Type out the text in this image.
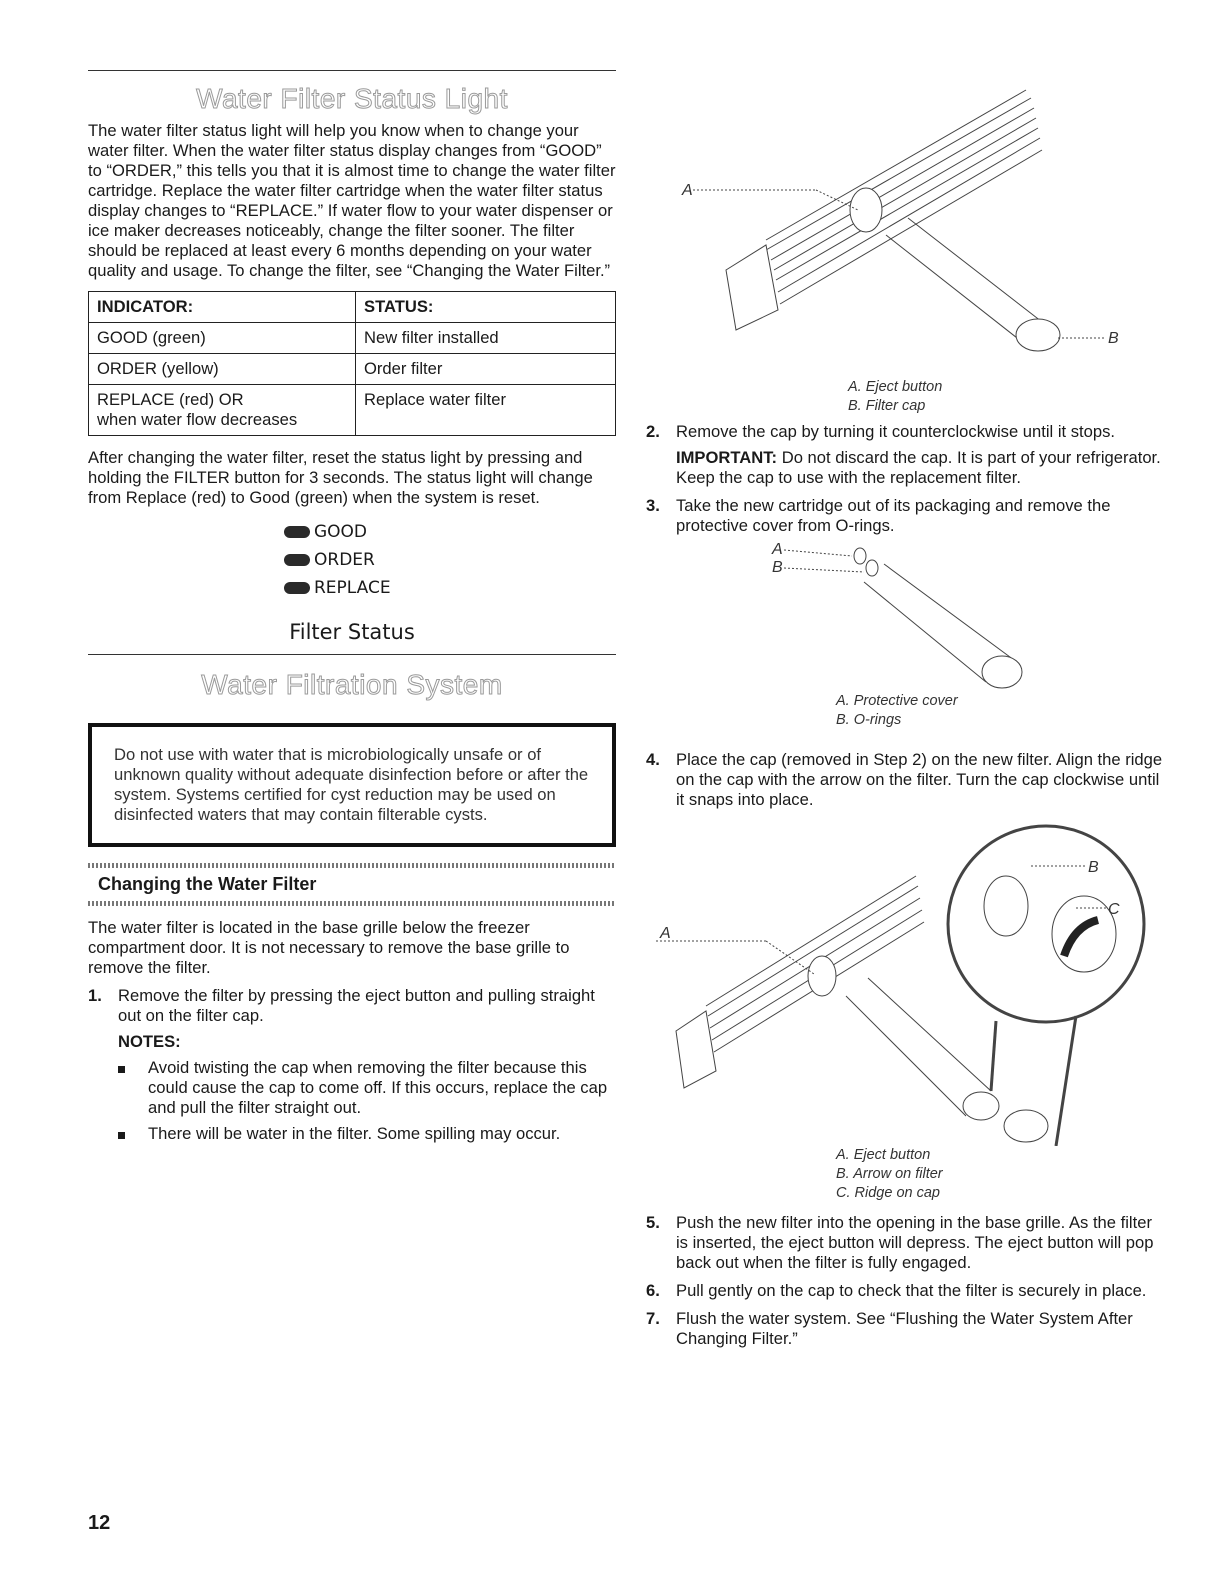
Water Filter Status Light

The water filter status light will help you know when to change your water filter. When the water filter status display changes from “GOOD” to “ORDER,” this tells you that it is almost time to change the water filter cartridge. Replace the water filter cartridge when the water filter status display changes to “REPLACE.” If water flow to your water dispenser or ice maker decreases noticeably, change the filter sooner. The filter should be replaced at least every 6 months depending on your water quality and usage. To change the filter, see “Changing the Water Filter.”

INDICATOR:	STATUS:
GOOD (green)	New filter installed
ORDER (yellow)	Order filter

REPLACE (red) OR
when water flow decreases	Replace water filter

After changing the water filter, reset the status light by pressing and holding the FILTER button for 3 seconds. The status light will change from Replace (red) to Good (green) when the system is reset.

GOOD
ORDER
REPLACE
Filter Status
Water Filtration System

Do not use with water that is microbiologically unsafe or of unknown quality without adequate disinfection before or after the system. Systems certified for cyst reduction may be used on disinfected waters that may contain filterable cysts.

Changing the Water Filter

The water filter is located in the base grille below the freezer compartment door. It is not necessary to remove the base grille to remove the filter.

1. Remove the filter by pressing the eject button and pulling straight out on the filter cap.
NOTES:
Avoid twisting the cap when removing the filter because this could cause the cap to come off. If this occurs, replace the cap and pull the filter straight out.
There will be water in the filter. Some spilling may occur.
A
B
A. Eject button
B. Filter cap
2. Remove the cap by turning it counterclockwise until it stops.
IMPORTANT: Do not discard the cap. It is part of your refrigerator. Keep the cap to use with the replacement filter.
3. Take the new cartridge out of its packaging and remove the protective cover from O-rings.
A
B
A. Protective cover
B. O-rings
4. Place the cap (removed in Step 2) on the new filter. Align the ridge on the cap with the arrow on the filter. Turn the cap clockwise until it snaps into place.
A
B
C
A. Eject button
B. Arrow on filter
C. Ridge on cap
5. Push the new filter into the opening in the base grille. As the filter is inserted, the eject button will depress. The eject button will pop back out when the filter is fully engaged.
6. Pull gently on the cap to check that the filter is securely in place.
7. Flush the water system. See “Flushing the Water System After Changing Filter.”
12
